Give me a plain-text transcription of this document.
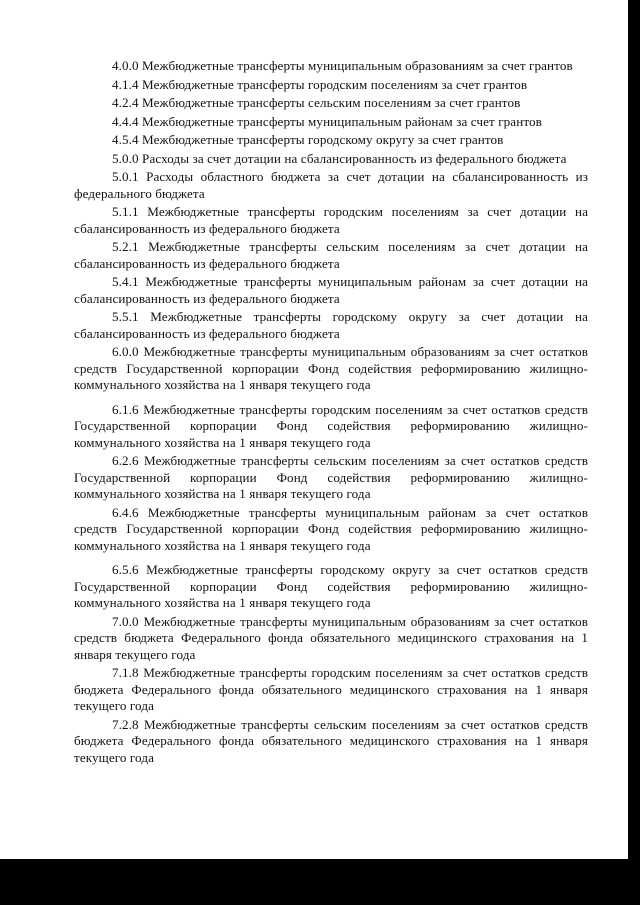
4.0.0 Межбюджетные трансферты муниципальным образованиям за счет грантов

4.1.4 Межбюджетные трансферты городским поселениям за счет грантов

4.2.4 Межбюджетные трансферты сельским поселениям за счет грантов

4.4.4 Межбюджетные трансферты муниципальным районам за счет грантов

4.5.4 Межбюджетные трансферты городскому округу за счет грантов

5.0.0 Расходы за счет дотации на сбалансированность из федерального бюджета

5.0.1 Расходы областного бюджета за счет дотации на сбалансированность из федерального бюджета

5.1.1 Межбюджетные трансферты городским поселениям за счет дотации на сбалансированность из федерального бюджета

5.2.1 Межбюджетные трансферты сельским поселениям за счет дотации на сбалансированность из федерального бюджета

5.4.1 Межбюджетные трансферты муниципальным районам за счет дотации на сбалансированность из федерального бюджета

5.5.1 Межбюджетные трансферты городскому округу за счет дотации на сбалансированность из федерального бюджета

6.0.0 Межбюджетные трансферты муниципальным образованиям за счет остатков средств Государственной корпорации Фонд содействия реформированию жилищно-коммунального хозяйства на 1 января текущего года

6.1.6 Межбюджетные трансферты городским поселениям за счет остатков средств Государственной корпорации Фонд содействия реформированию жилищно-коммунального хозяйства на 1 января текущего года

6.2.6 Межбюджетные трансферты сельским поселениям за счет остатков средств Государственной корпорации Фонд содействия реформированию жилищно-коммунального хозяйства на 1 января текущего года

6.4.6 Межбюджетные трансферты муниципальным районам за счет остатков средств Государственной корпорации Фонд содействия реформированию жилищно-коммунального хозяйства на 1 января текущего года

6.5.6 Межбюджетные трансферты городскому округу за счет остатков средств Государственной корпорации Фонд содействия реформированию жилищно-коммунального хозяйства на 1 января текущего года

7.0.0 Межбюджетные трансферты муниципальным образованиям за счет остатков средств бюджета Федерального фонда обязательного медицинского страхования на 1 января текущего года

7.1.8 Межбюджетные трансферты городским поселениям за счет остатков средств бюджета Федерального фонда обязательного медицинского страхования на 1 января текущего года

7.2.8 Межбюджетные трансферты сельским поселениям за счет остатков средств бюджета Федерального фонда обязательного медицинского страхования на 1 января текущего года
